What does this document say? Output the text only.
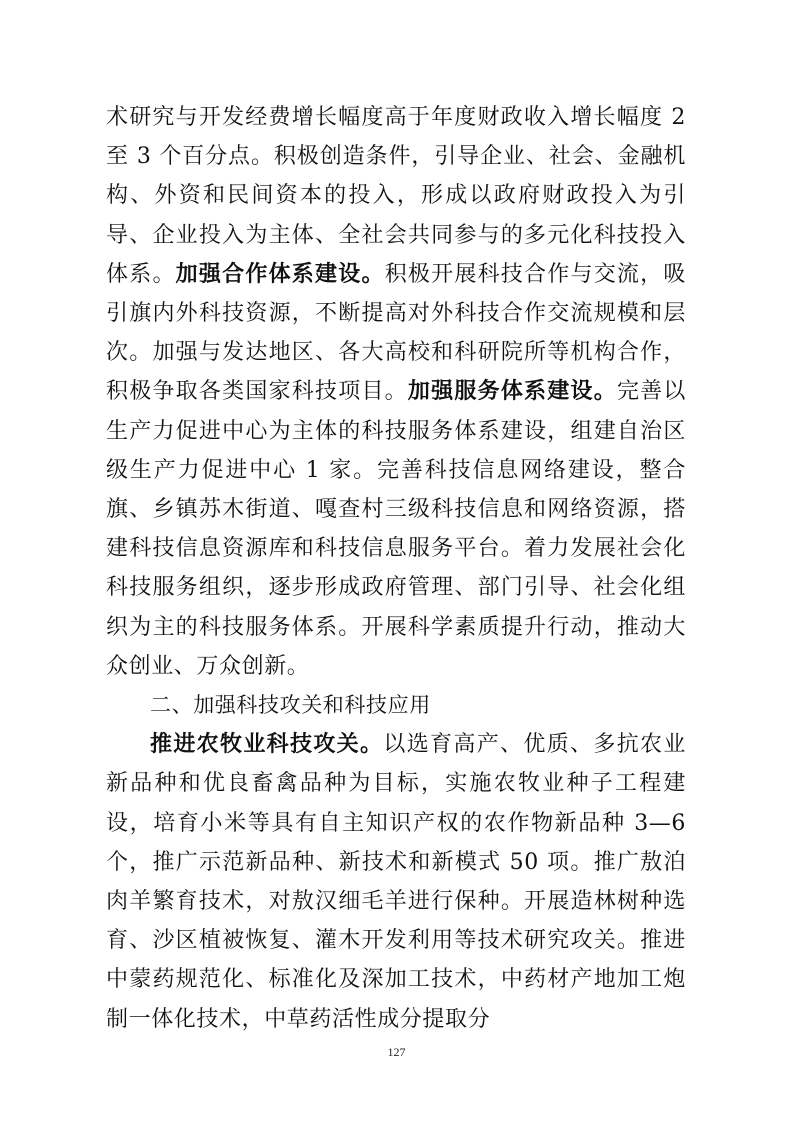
术研究与开发经费增长幅度高于年度财政收入增长幅度 2 至 3 个百分点。积极创造条件，引导企业、社会、金融机构、外资和民间资本的投入，形成以政府财政投入为引导、企业投入为主体、全社会共同参与的多元化科技投入体系。加强合作体系建设。积极开展科技合作与交流，吸引旗内外科技资源，不断提高对外科技合作交流规模和层次。加强与发达地区、各大高校和科研院所等机构合作，积极争取各类国家科技项目。加强服务体系建设。完善以生产力促进中心为主体的科技服务体系建设，组建自治区级生产力促进中心 1 家。完善科技信息网络建设，整合旗、乡镇苏木街道、嘎查村三级科技信息和网络资源，搭建科技信息资源库和科技信息服务平台。着力发展社会化科技服务组织，逐步形成政府管理、部门引导、社会化组织为主的科技服务体系。开展科学素质提升行动，推动大众创业、万众创新。

二、加强科技攻关和科技应用

推进农牧业科技攻关。以选育高产、优质、多抗农业新品种和优良畜禽品种为目标，实施农牧业种子工程建设，培育小米等具有自主知识产权的农作物新品种 3—6 个，推广示范新品种、新技术和新模式 50 项。推广敖泊肉羊繁育技术，对敖汉细毛羊进行保种。开展造林树种选育、沙区植被恢复、灌木开发利用等技术研究攻关。推进中蒙药规范化、标准化及深加工技术，中药材产地加工炮制一体化技术，中草药活性成分提取分

127
